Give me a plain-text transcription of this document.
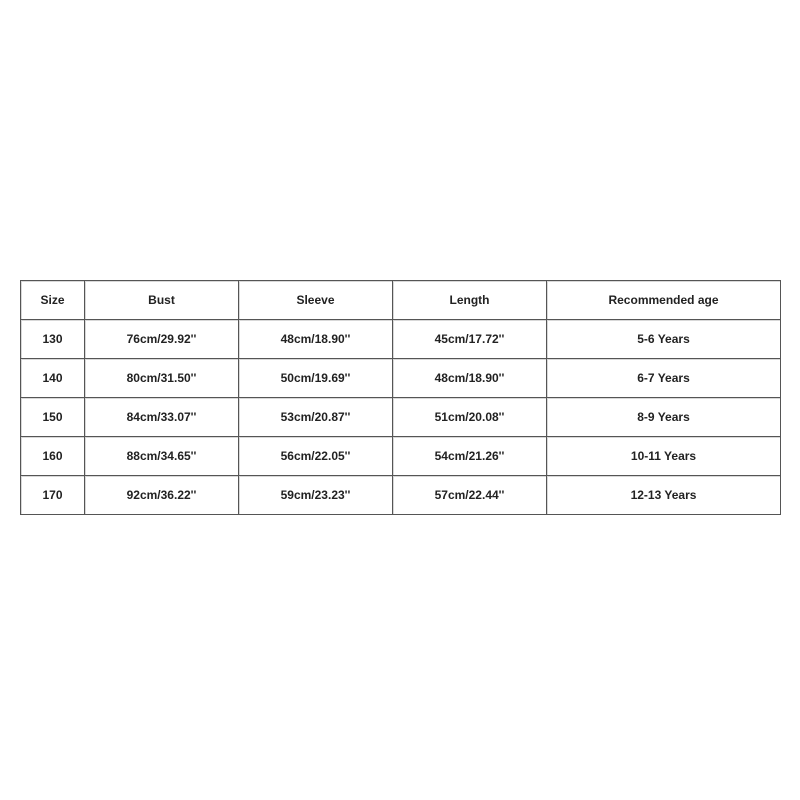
Size	Bust	Sleeve	Length	Recommended age
130	76cm/29.92''	48cm/18.90''	45cm/17.72''	5-6 Years
140	80cm/31.50''	50cm/19.69''	48cm/18.90''	6-7 Years
150	84cm/33.07''	53cm/20.87''	51cm/20.08''	8-9 Years
160	88cm/34.65''	56cm/22.05''	54cm/21.26''	10-11 Years
170	92cm/36.22''	59cm/23.23''	57cm/22.44''	12-13 Years
